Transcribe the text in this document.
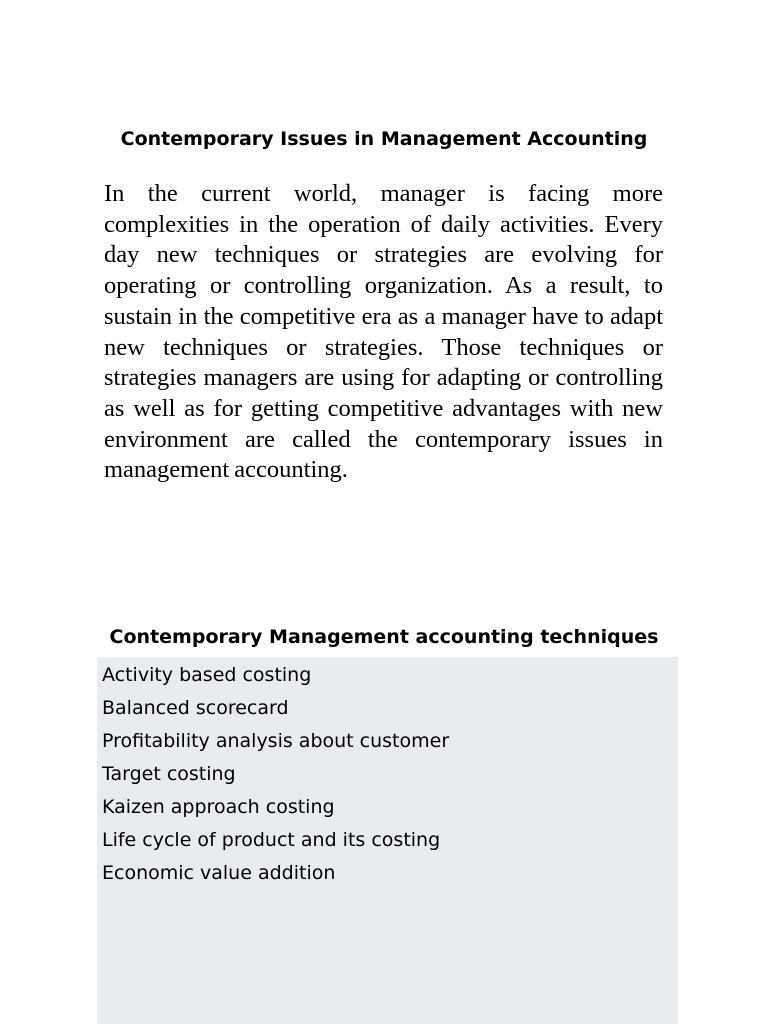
Contemporary Issues in Management Accounting

In the current world, manager is facing more complexities in the operation of daily activities. Every day new techniques or strategies are evolving for operating or controlling organization. As a result, to sustain in the competitive era as a manager have to adapt new techniques or strategies. Those techniques or strategies managers are using for adapting or controlling as well as for getting competitive advantages with new environment are called the contemporary issues in management accounting.

Contemporary Management accounting techniques
Activity based costing
Balanced scorecard
Profitability analysis about customer
Target costing
Kaizen approach costing
Life cycle of product and its costing
Economic value addition
